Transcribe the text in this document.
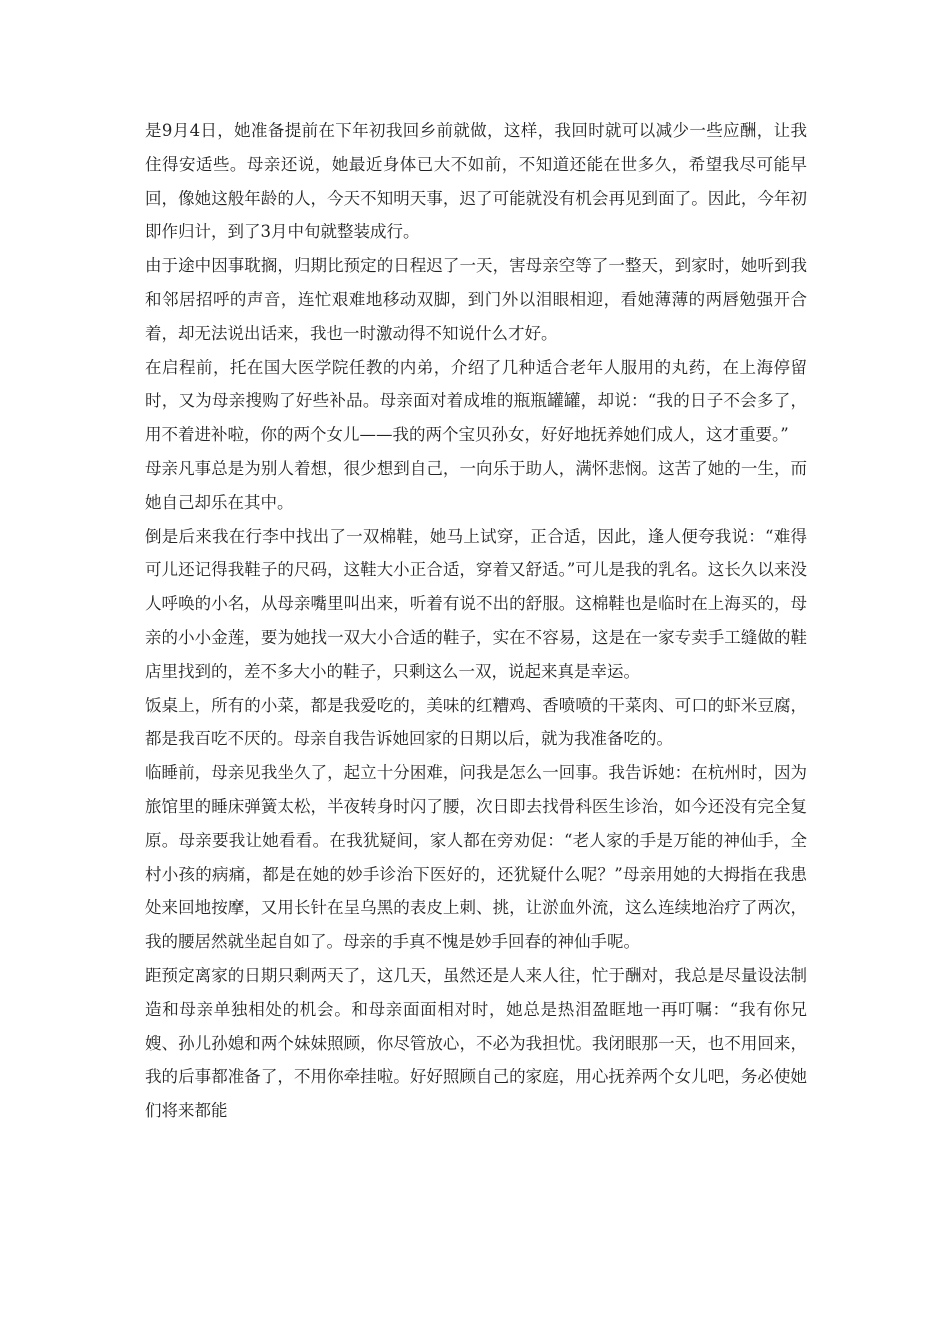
是9月4日，她准备提前在下年初我回乡前就做，这样，我回时就可以减少一些应酬，让我住得安适些。母亲还说，她最近身体已大不如前，不知道还能在世多久，希望我尽可能早回，像她这般年龄的人，今天不知明天事，迟了可能就没有机会再见到面了。因此，今年初即作归计，到了3月中旬就整装成行。

由于途中因事耽搁，归期比预定的日程迟了一天，害母亲空等了一整天，到家时，她听到我和邻居招呼的声音，连忙艰难地移动双脚，到门外以泪眼相迎，看她薄薄的两唇勉强开合着，却无法说出话来，我也一时激动得不知说什么才好。

在启程前，托在国大医学院任教的内弟，介绍了几种适合老年人服用的丸药，在上海停留时，又为母亲搜购了好些补品。母亲面对着成堆的瓶瓶罐罐，却说：“我的日子不会多了，用不着进补啦，你的两个女儿——我的两个宝贝孙女，好好地抚养她们成人，这才重要。”

母亲凡事总是为别人着想，很少想到自己，一向乐于助人，满怀悲悯。这苦了她的一生，而她自己却乐在其中。

倒是后来我在行李中找出了一双棉鞋，她马上试穿，正合适，因此，逢人便夸我说：“难得可儿还记得我鞋子的尺码，这鞋大小正合适，穿着又舒适。”可儿是我的乳名。这长久以来没人呼唤的小名，从母亲嘴里叫出来，听着有说不出的舒服。这棉鞋也是临时在上海买的，母亲的小小金莲，要为她找一双大小合适的鞋子，实在不容易，这是在一家专卖手工缝做的鞋店里找到的，差不多大小的鞋子，只剩这么一双，说起来真是幸运。

饭桌上，所有的小菜，都是我爱吃的，美味的红糟鸡、香喷喷的干菜肉、可口的虾米豆腐，都是我百吃不厌的。母亲自我告诉她回家的日期以后，就为我准备吃的。

临睡前，母亲见我坐久了，起立十分困难，问我是怎么一回事。我告诉她：在杭州时，因为旅馆里的睡床弹簧太松，半夜转身时闪了腰，次日即去找骨科医生诊治，如今还没有完全复原。母亲要我让她看看。在我犹疑间，家人都在旁劝促：“老人家的手是万能的神仙手，全村小孩的病痛，都是在她的妙手诊治下医好的，还犹疑什么呢？”母亲用她的大拇指在我患处来回地按摩，又用长针在呈乌黑的表皮上刺、挑，让淤血外流，这么连续地治疗了两次，我的腰居然就坐起自如了。母亲的手真不愧是妙手回春的神仙手呢。

距预定离家的日期只剩两天了，这几天，虽然还是人来人往，忙于酬对，我总是尽量设法制造和母亲单独相处的机会。和母亲面面相对时，她总是热泪盈眶地一再叮嘱：“我有你兄嫂、孙儿孙媳和两个妹妹照顾，你尽管放心，不必为我担忧。我闭眼那一天，也不用回来，我的后事都准备了，不用你牵挂啦。好好照顾自己的家庭，用心抚养两个女儿吧，务必使她们将来都能
